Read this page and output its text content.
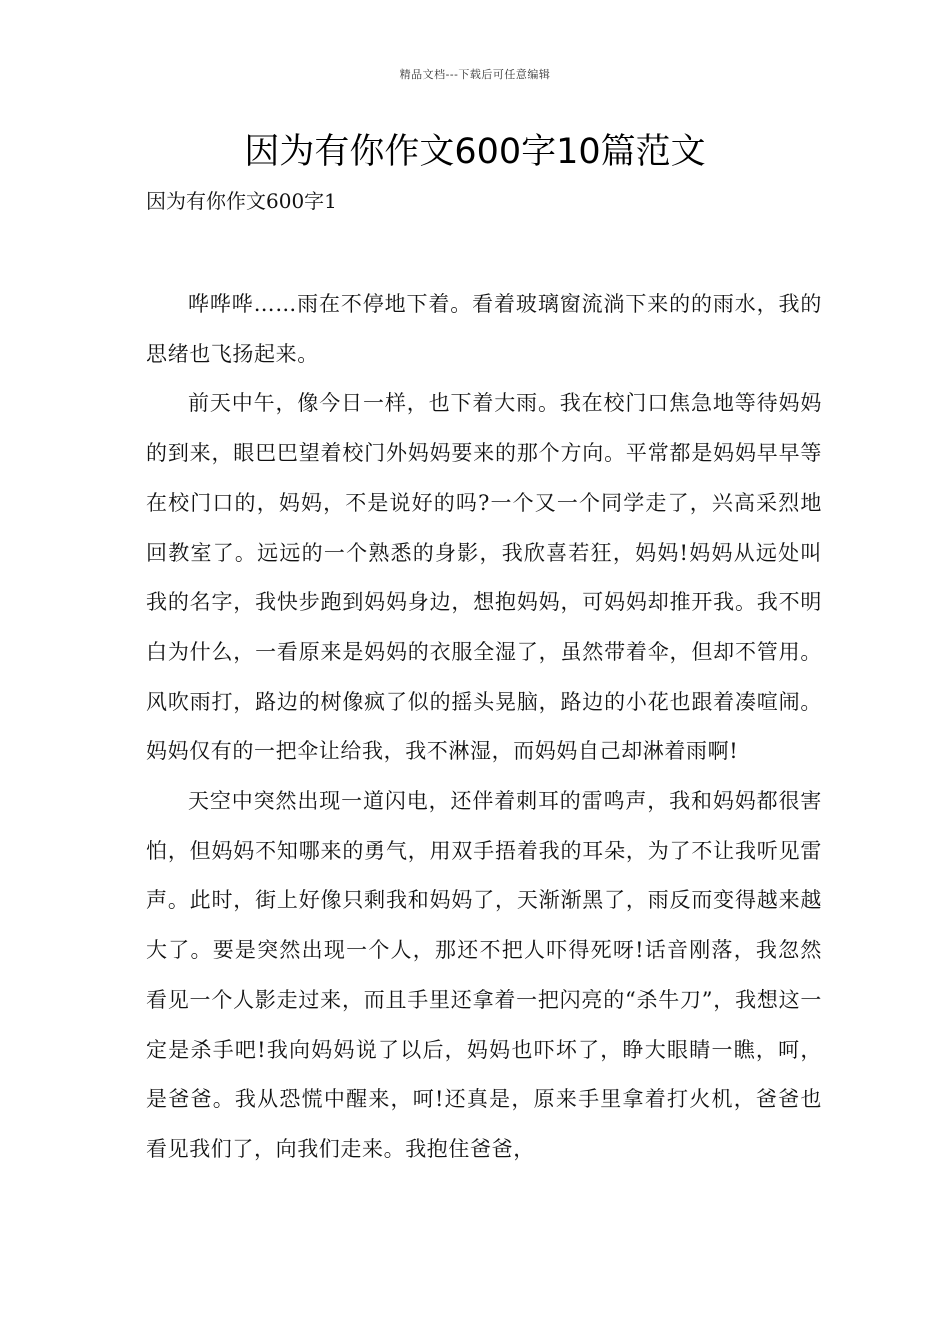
精品文档---下载后可任意编辑
因为有你作文600字10篇范文
因为有你作文600字1

哗哗哗……雨在不停地下着。看着玻璃窗流淌下来的的雨水，我的思绪也飞扬起来。

前天中午，像今日一样，也下着大雨。我在校门口焦急地等待妈妈的到来，眼巴巴望着校门外妈妈要来的那个方向。平常都是妈妈早早等在校门口的，妈妈，不是说好的吗?一个又一个同学走了，兴高采烈地回教室了。远远的一个熟悉的身影，我欣喜若狂，妈妈!妈妈从远处叫我的名字，我快步跑到妈妈身边，想抱妈妈，可妈妈却推开我。我不明白为什么，一看原来是妈妈的衣服全湿了，虽然带着伞，但却不管用。风吹雨打，路边的树像疯了似的摇头晃脑，路边的小花也跟着凑喧闹。妈妈仅有的一把伞让给我，我不淋湿，而妈妈自己却淋着雨啊!

天空中突然出现一道闪电，还伴着刺耳的雷鸣声，我和妈妈都很害怕，但妈妈不知哪来的勇气，用双手捂着我的耳朵，为了不让我听见雷声。此时，街上好像只剩我和妈妈了，天渐渐黑了，雨反而变得越来越大了。要是突然出现一个人，那还不把人吓得死呀!话音刚落，我忽然看见一个人影走过来，而且手里还拿着一把闪亮的“杀牛刀”，我想这一定是杀手吧!我向妈妈说了以后，妈妈也吓坏了，睁大眼睛一瞧，呵，是爸爸。我从恐慌中醒来，呵!还真是，原来手里拿着打火机，爸爸也看见我们了，向我们走来。我抱住爸爸，
